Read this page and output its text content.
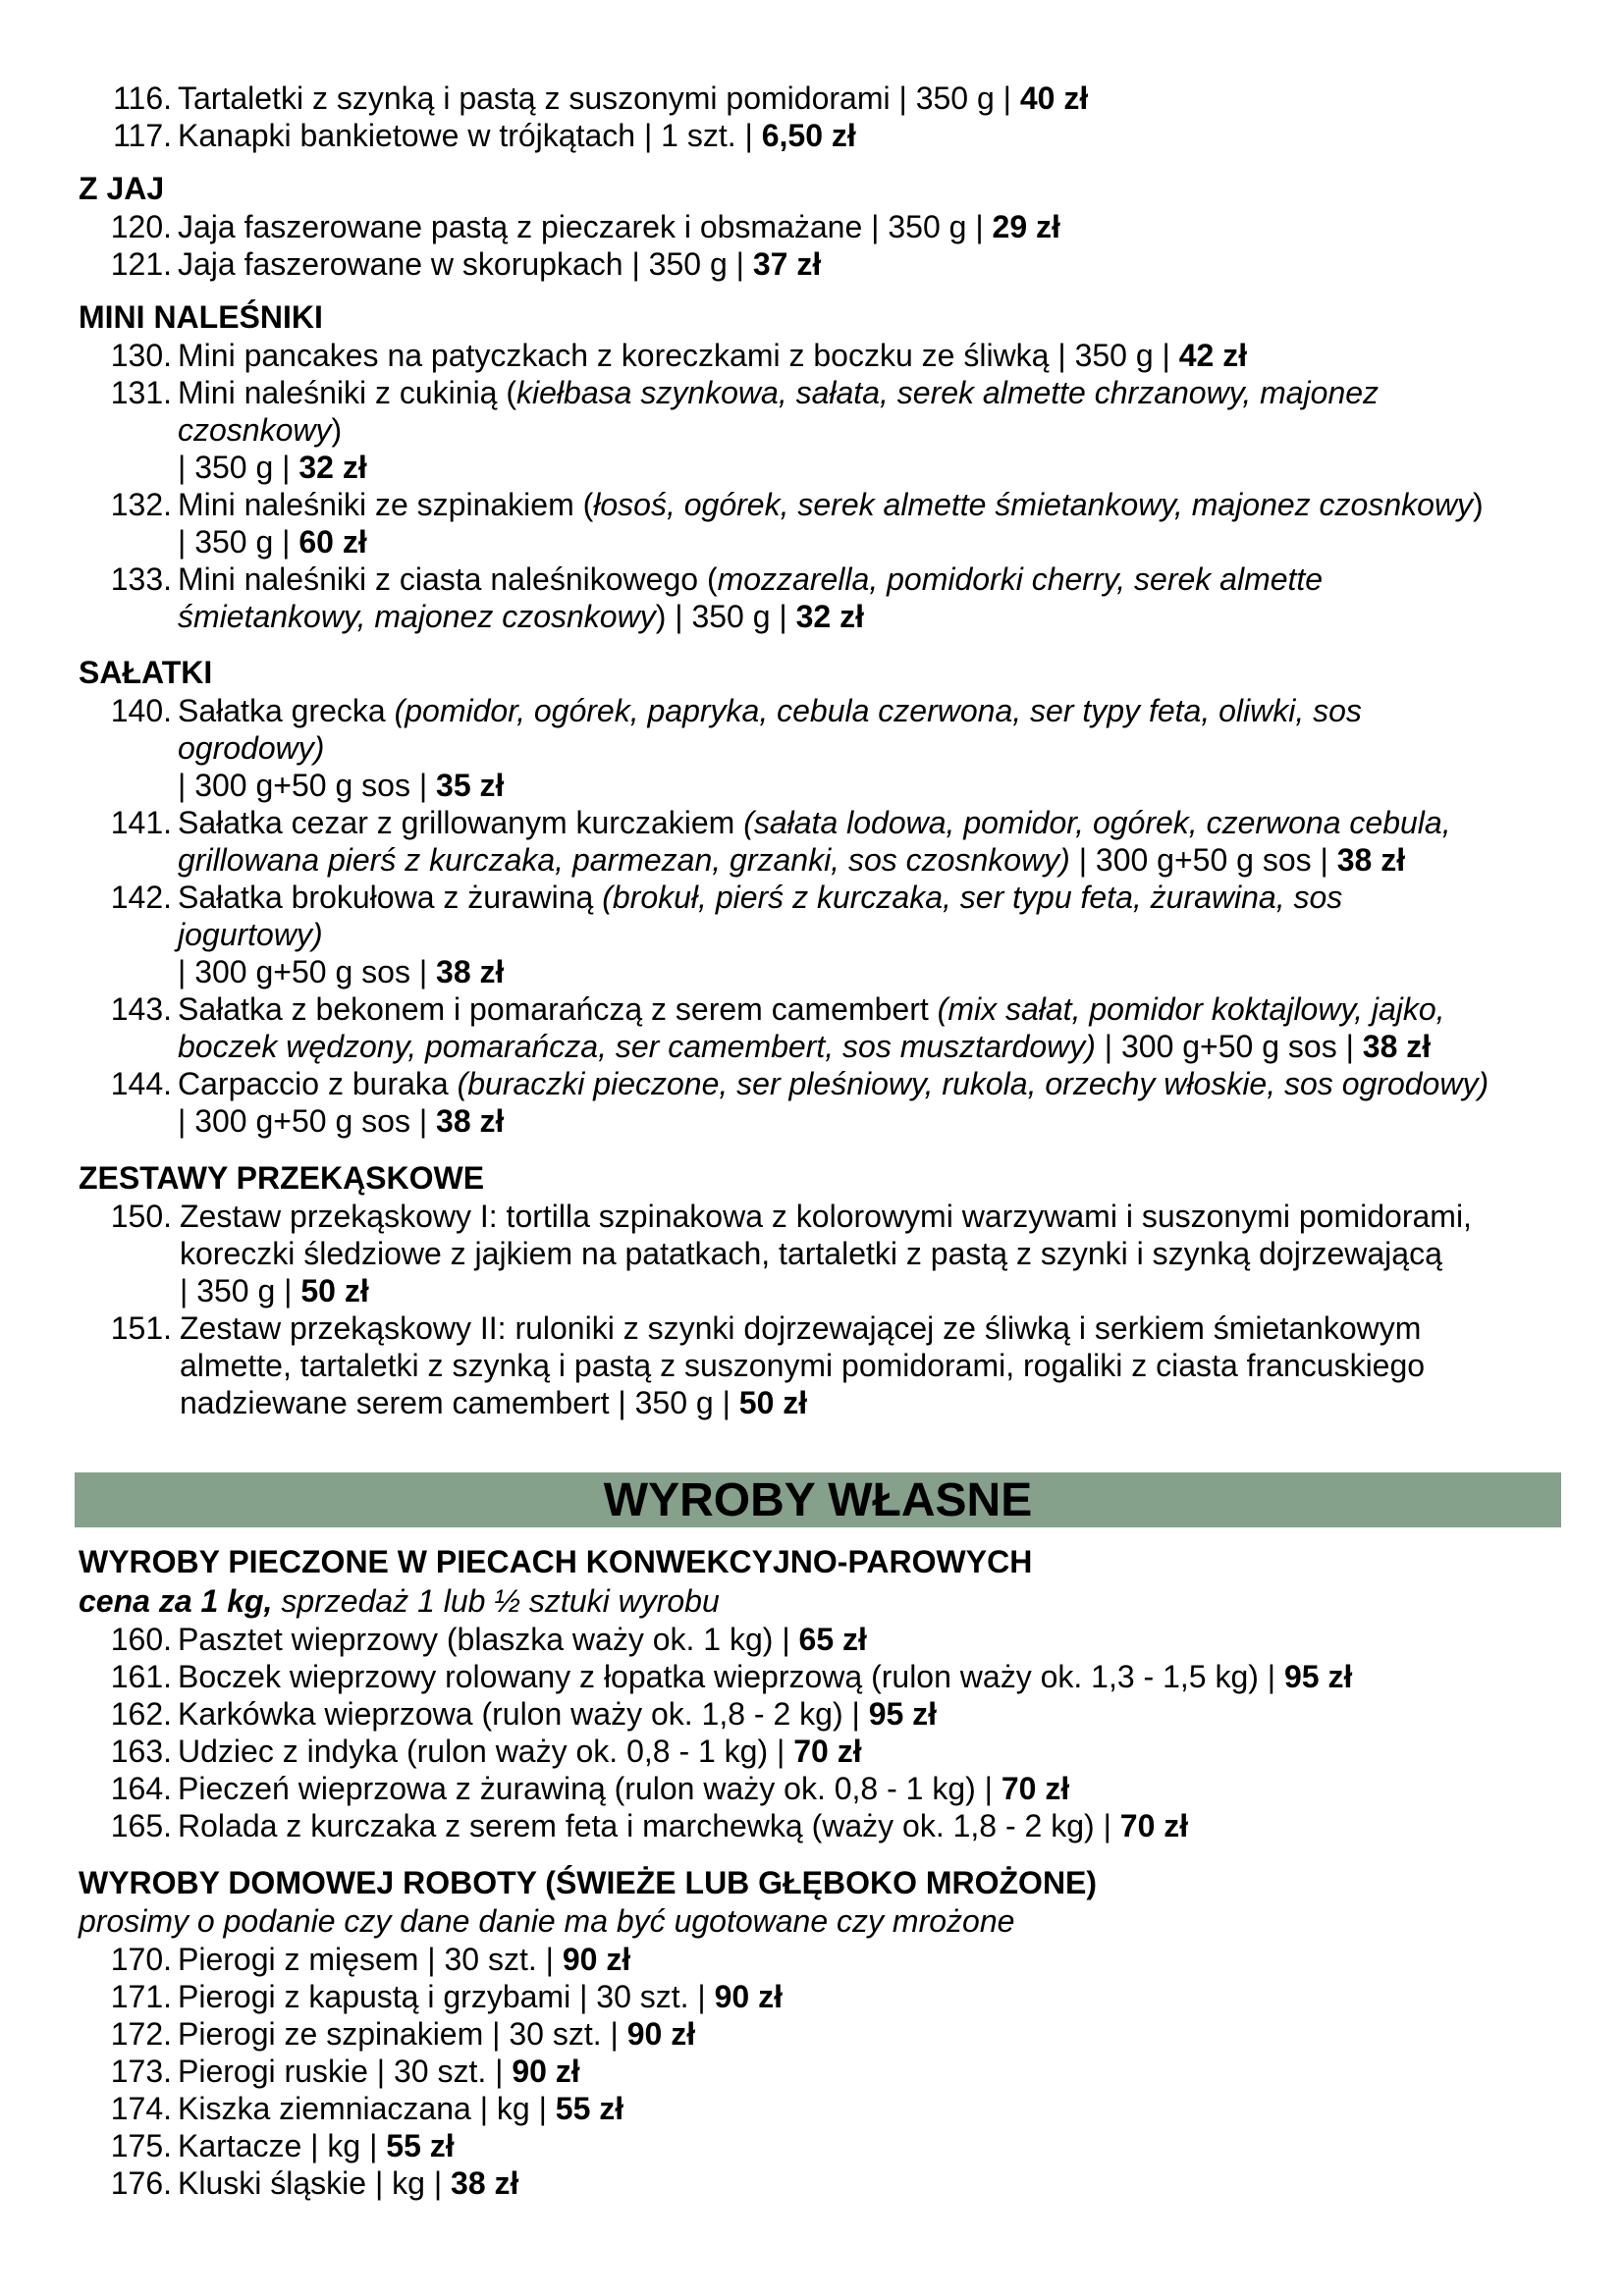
116. Tartaletki z szynką i pastą z suszonymi pomidorami | 350 g | 40 zł
117. Kanapki bankietowe w trójkątach | 1 szt. | 6,50 zł
Z JAJ
120. Jaja faszerowane pastą z pieczarek i obsmażane | 350 g | 29 zł
121. Jaja faszerowane w skorupkach | 350 g | 37 zł
MINI NALEŚNIKI
130. Mini pancakes na patyczkach z koreczkami z boczku ze śliwką | 350 g | 42 zł
131. Mini naleśniki z cukinią (kiełbasa szynkowa, sałata, serek almette chrzanowy, majonez
czosnkowy)
| 350 g | 32 zł
132. Mini naleśniki ze szpinakiem (łosoś, ogórek, serek almette śmietankowy, majonez czosnkowy)
| 350 g | 60 zł
133. Mini naleśniki z ciasta naleśnikowego (mozzarella, pomidorki cherry, serek almette
śmietankowy, majonez czosnkowy) | 350 g | 32 zł
SAŁATKI
140. Sałatka grecka (pomidor, ogórek, papryka, cebula czerwona, ser typy feta, oliwki, sos
ogrodowy)
| 300 g+50 g sos | 35 zł
141. Sałatka cezar z grillowanym kurczakiem (sałata lodowa, pomidor, ogórek, czerwona cebula,
grillowana pierś z kurczaka, parmezan, grzanki, sos czosnkowy) | 300 g+50 g sos | 38 zł
142. Sałatka brokułowa z żurawiną (brokuł, pierś z kurczaka, ser typu feta, żurawina, sos
jogurtowy)
| 300 g+50 g sos | 38 zł
143. Sałatka z bekonem i pomarańczą z serem camembert (mix sałat, pomidor koktajlowy, jajko,
boczek wędzony, pomarańcza, ser camembert, sos musztardowy) | 300 g+50 g sos | 38 zł
144. Carpaccio z buraka (buraczki pieczone, ser pleśniowy, rukola, orzechy włoskie, sos ogrodowy)
| 300 g+50 g sos | 38 zł
ZESTAWY PRZEKĄSKOWE
150. Zestaw przekąskowy I: tortilla szpinakowa z kolorowymi warzywami i suszonymi pomidorami,
koreczki śledziowe z jajkiem na patatkach, tartaletki z pastą z szynki i szynką dojrzewającą
| 350 g | 50 zł
151. Zestaw przekąskowy II: ruloniki z szynki dojrzewającej ze śliwką i serkiem śmietankowym
almette, tartaletki z szynką i pastą z suszonymi pomidorami, rogaliki z ciasta francuskiego
nadziewane serem camembert | 350 g | 50 zł
WYROBY WŁASNE
WYROBY PIECZONE W PIECACH KONWEKCYJNO-PAROWYCH
cena za 1 kg, sprzedaż 1 lub ½ sztuki wyrobu
160. Pasztet wieprzowy (blaszka waży ok. 1 kg) | 65 zł
161. Boczek wieprzowy rolowany z łopatka wieprzową (rulon waży ok. 1,3 - 1,5 kg) | 95 zł
162. Karkówka wieprzowa (rulon waży ok. 1,8 - 2 kg) | 95 zł
163. Udziec z indyka (rulon waży ok. 0,8 - 1 kg) | 70 zł
164. Pieczeń wieprzowa z żurawiną (rulon waży ok. 0,8 - 1 kg) | 70 zł
165. Rolada z kurczaka z serem feta i marchewką (waży ok. 1,8 - 2 kg) | 70 zł
WYROBY DOMOWEJ ROBOTY (ŚWIEŻE LUB GŁĘBOKO MROŻONE)
prosimy o podanie czy dane danie ma być ugotowane czy mrożone
170. Pierogi z mięsem | 30 szt. | 90 zł
171. Pierogi z kapustą i grzybami | 30 szt. | 90 zł
172. Pierogi ze szpinakiem | 30 szt. | 90 zł
173. Pierogi ruskie | 30 szt. | 90 zł
174. Kiszka ziemniaczana | kg | 55 zł
175. Kartacze | kg | 55 zł
176. Kluski śląskie | kg | 38 zł
